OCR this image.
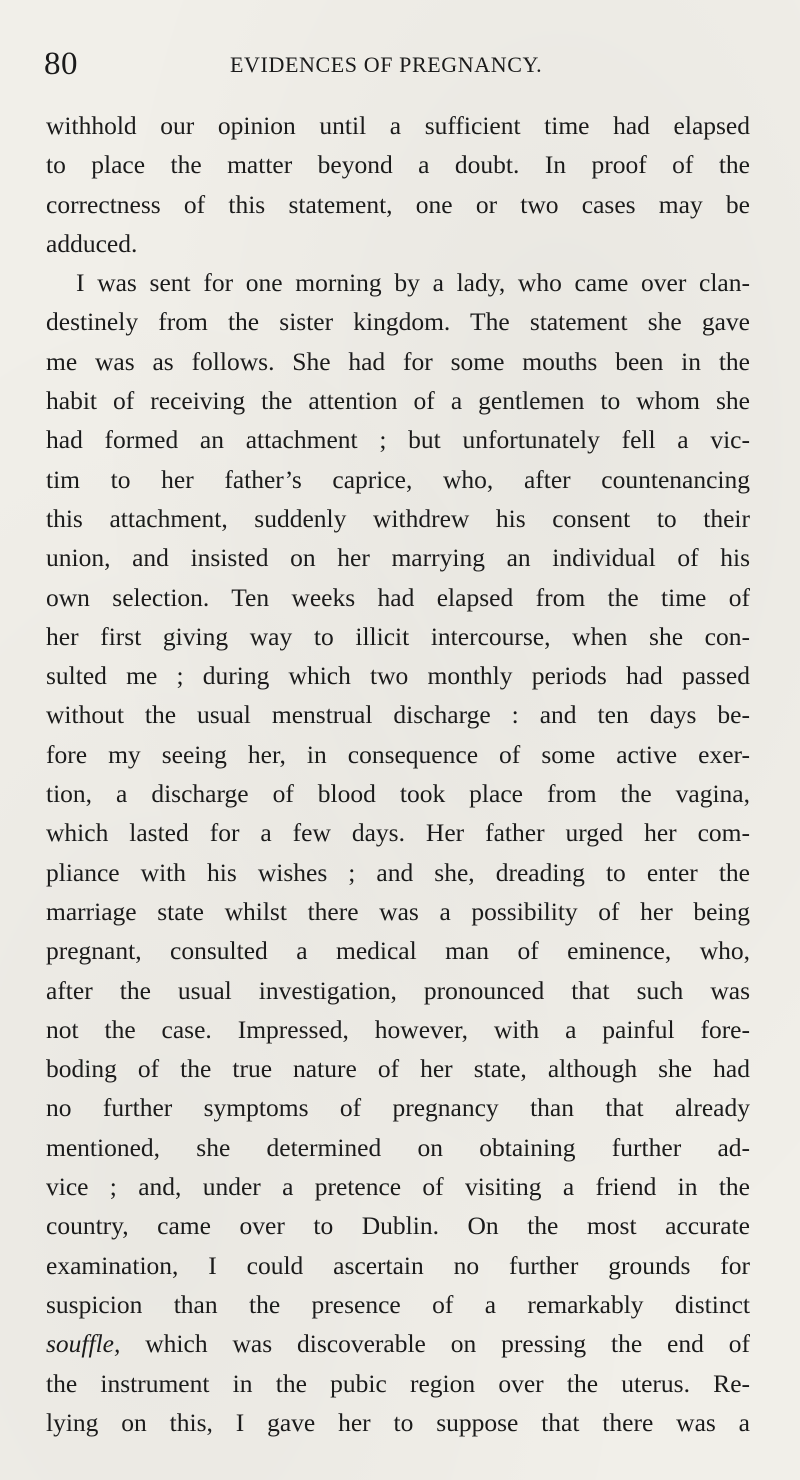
80	EVIDENCES OF PREGNANCY.
withhold our opinion until a sufficient time had elapsed
to place the matter beyond a doubt. In proof of the
correctness of this statement, one or two cases may be
adduced.
I was sent for one morning by a lady, who came over clan-
destinely from the sister kingdom. The statement she gave
me was as follows. She had for some mouths been in the
habit of receiving the attention of a gentlemen to whom she
had formed an attachment ; but unfortunately fell a vic-
tim to her father’s caprice, who, after countenancing
this attachment, suddenly withdrew his consent to their
union, and insisted on her marrying an individual of his
own selection. Ten weeks had elapsed from the time of
her first giving way to illicit intercourse, when she con-
sulted me ; during which two monthly periods had passed
without the usual menstrual discharge : and ten days be-
fore my seeing her, in consequence of some active exer-
tion, a discharge of blood took place from the vagina,
which lasted for a few days. Her father urged her com-
pliance with his wishes ; and she, dreading to enter the
marriage state whilst there was a possibility of her being
pregnant, consulted a medical man of eminence, who,
after the usual investigation, pronounced that such was
not the case. Impressed, however, with a painful fore-
boding of the true nature of her state, although she had
no further symptoms of pregnancy than that already
mentioned, she determined on obtaining further ad-
vice ; and, under a pretence of visiting a friend in the
country, came over to Dublin. On the most accurate
examination, I could ascertain no further grounds for
suspicion than the presence of a remarkably distinct
souffle, which was discoverable on pressing the end of
the instrument in the pubic region over the uterus. Re-
lying on this, I gave her to suppose that there was a
